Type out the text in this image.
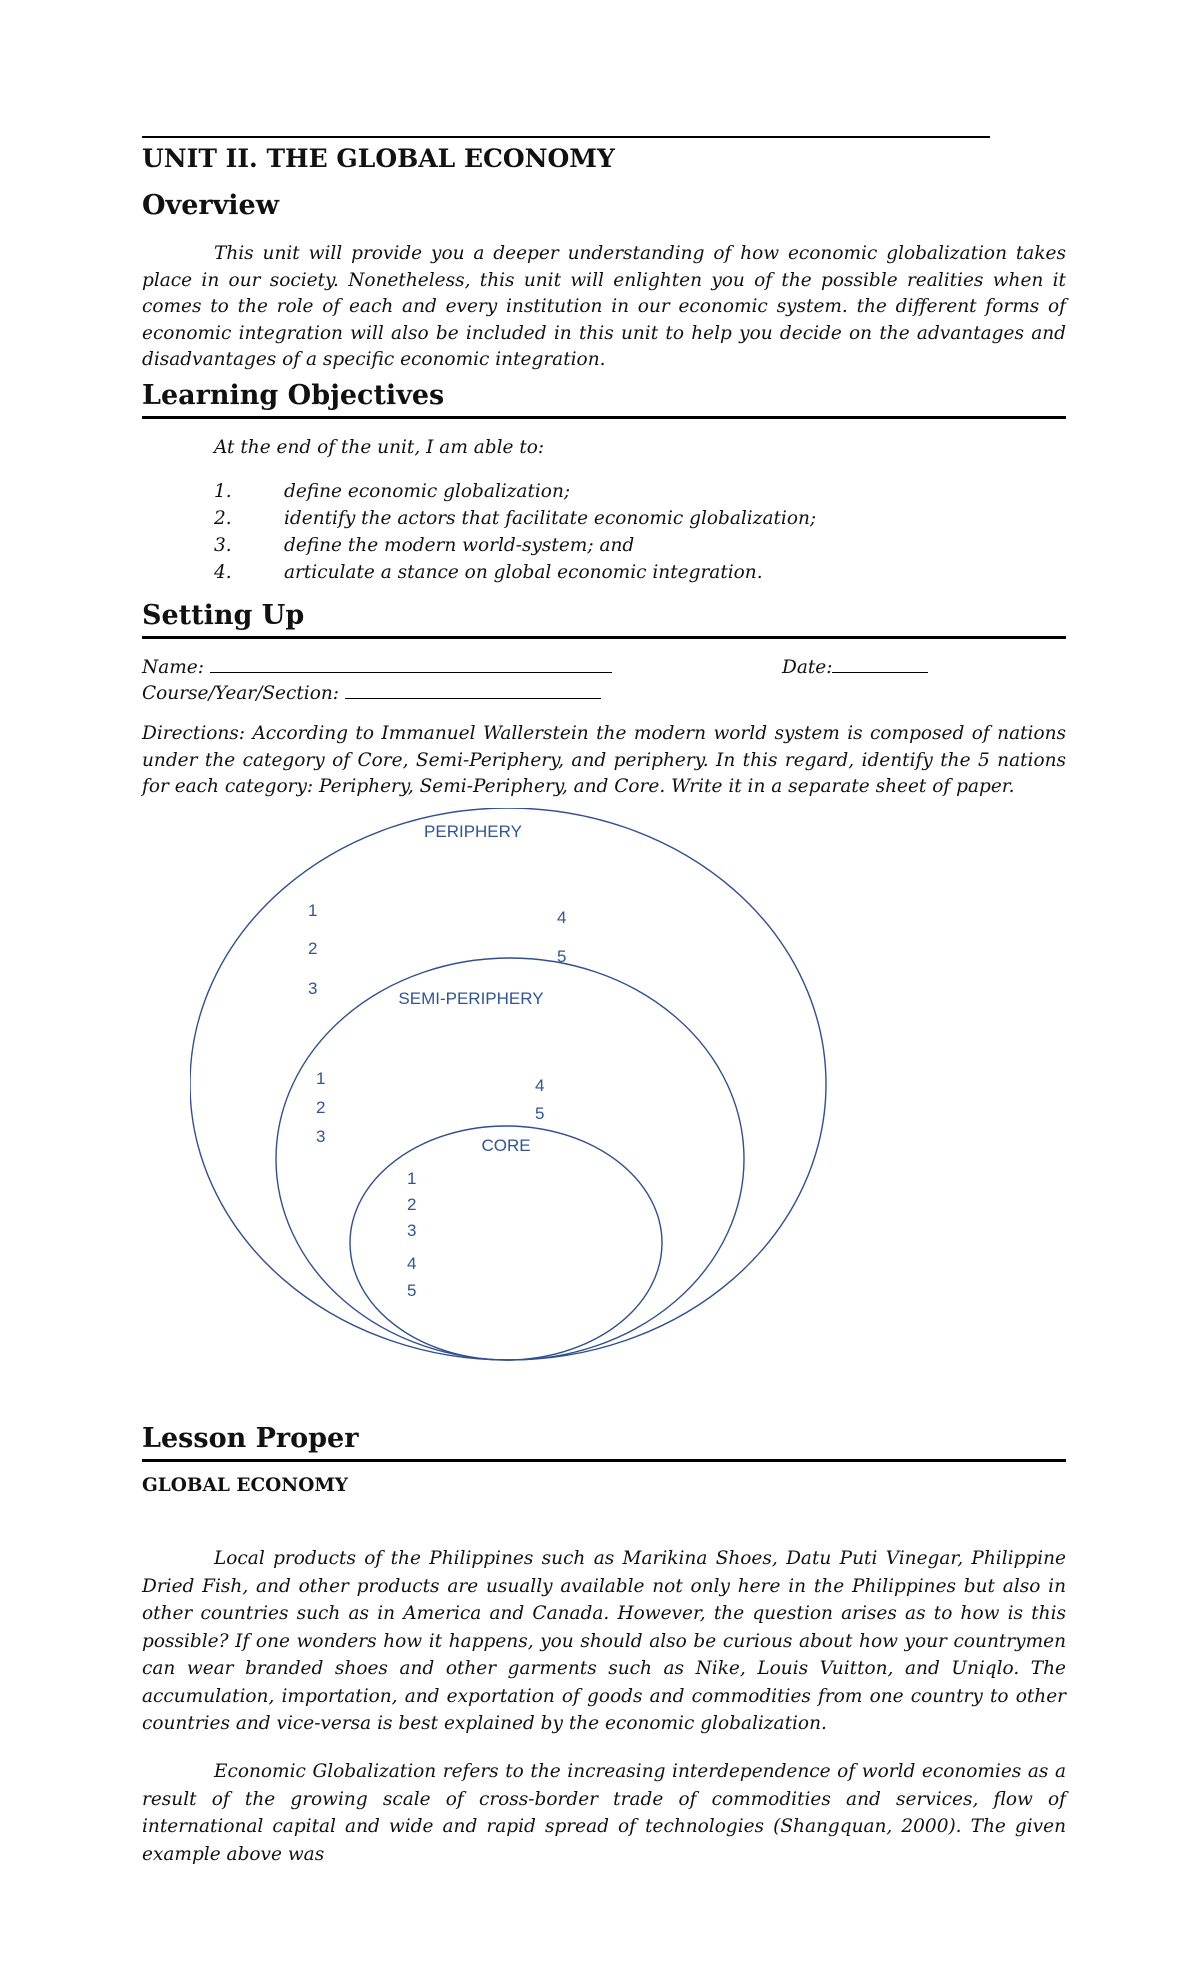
UNIT II. THE GLOBAL ECONOMY
Overview

This unit will provide you a deeper understanding of how economic globalization takes place in our society. Nonetheless, this unit will enlighten you of the possible realities when it comes to the role of each and every institution in our economic system. the different forms of economic integration will also be included in this unit to help you decide on the advantages and disadvantages of a specific economic integration.

Learning Objectives

At the end of the unit, I am able to:

1.	define economic globalization;
2.	identify the actors that facilitate economic globalization;
3.	define the modern world-system; and
4.	articulate a stance on global economic integration.
Setting Up

Name:	Date:

Course/Year/Section:

Directions: According to Immanuel Wallerstein the modern world system is composed of nations under the category of Core, Semi-Periphery, and periphery. In this regard, identify the 5 nations for each category: Periphery, Semi-Periphery, and Core. Write it in a separate sheet of paper.

PERIPHERY
1
2
3
4
5
SEMI-PERIPHERY
1
2
3
4
5
CORE
1
2
3
4
5
Lesson Proper
GLOBAL ECONOMY

Local products of the Philippines such as Marikina Shoes, Datu Puti Vinegar, Philippine Dried Fish, and other products are usually available not only here in the Philippines but also in other countries such as in America and Canada. However, the question arises as to how is this possible? If one wonders how it happens, you should also be curious about how your countrymen can wear branded shoes and other garments such as Nike, Louis Vuitton, and Uniqlo. The accumulation, importation, and exportation of goods and commodities from one country to other countries and vice-versa is best explained by the economic globalization.

Economic Globalization refers to the increasing interdependence of world economies as a result of the growing scale of cross-border trade of commodities and services, flow of international capital and wide and rapid spread of technologies (Shangquan, 2000). The given example above was
